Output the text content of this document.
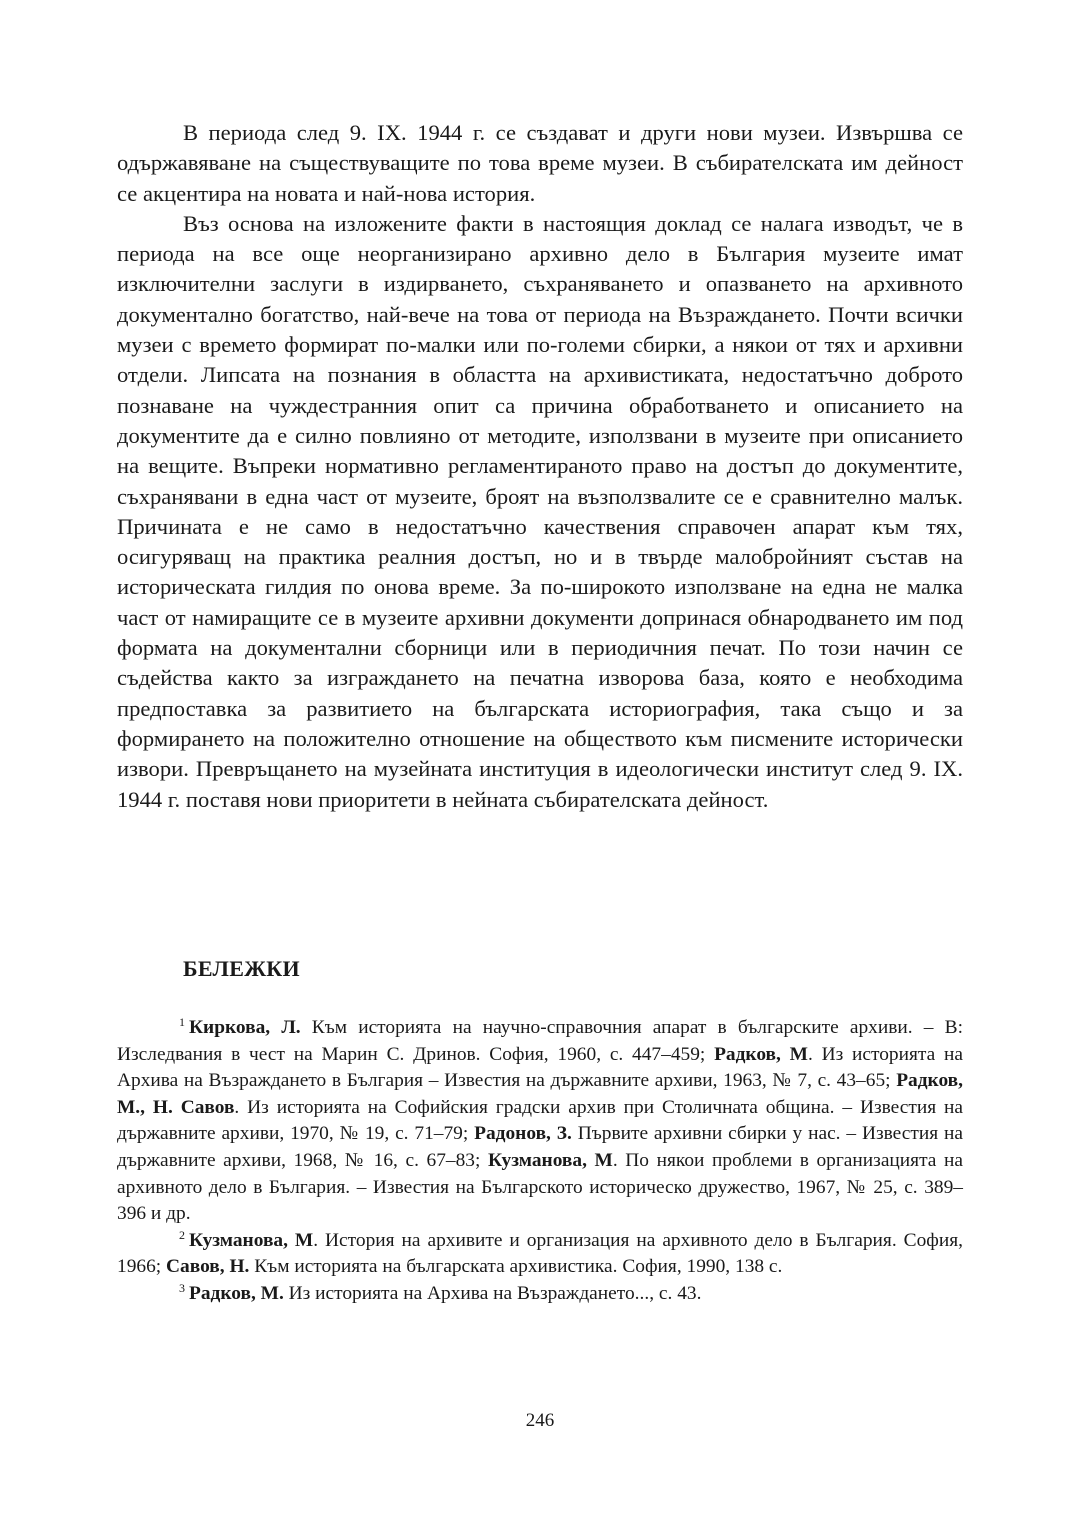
В периода след 9. IX. 1944 г. се създават и други нови музеи. Извършва се одържавяване на съществуващите по това време музеи. В събирателската им дейност се акцентира на новата и най-нова история.

Въз основа на изложените факти в настоящия доклад се налага изводът, че в периода на все още неорганизирано архивно дело в България музеите имат изключителни заслуги в издирването, съхраняването и опазването на архивното документално богатство, най-вече на това от периода на Възраждането. Почти всички музеи с времето формират по-малки или по-големи сбирки, а някои от тях и архивни отдели. Липсата на познания в областта на архивистиката, недостатъчно доброто познаване на чуждестранния опит са причина обработването и описанието на документите да е силно повлияно от методите, използвани в музеите при описанието на вещите. Въпреки нормативно регламентираното право на достъп до документите, съхранявани в една част от музеите, броят на възползвалите се е сравнително малък. Причината е не само в недостатъчно качествения справочен апарат към тях, осигуряващ на практика реалния достъп, но и в твърде малобройният състав на историческата гилдия по онова време. За по-широкото използване на една не малка част от намиращите се в музеите архивни документи допринася обнародването им под формата на документални сборници или в периодичния печат. По този начин се съдейства както за изграждането на печатна изворова база, която е необходима предпоставка за развитието на българската историография, така също и за формирането на положително отношение на обществото към писмените исторически извори. Превръщането на музейната институция в идеологически институт след 9. IX. 1944 г. поставя нови приоритети в нейната събирателската дейност.

БЕЛЕЖКИ

$^1$ Киркова, Л. Към историята на научно-справочния апарат в българските архиви. – В: Изследвания в чест на Марин С. Дринов. София, 1960, с. 447–459; Радков, М. Из историята на Архива на Възраждането в България – Известия на държавните архиви, 1963, № 7, с. 43–65; Радков, М., Н. Савов. Из историята на Софийския градски архив при Столичната община. – Известия на държавните архиви, 1970, № 19, с. 71–79; Радонов, З. Първите архивни сбирки у нас. – Известия на държавните архиви, 1968, № 16, с. 67–83; Кузманова, М. По някои проблеми в организацията на архивното дело в България. – Известия на Българското историческо дружество, 1967, № 25, с. 389–396 и др.

$^2$ Кузманова, М. История на архивите и организация на архивното дело в България. София, 1966; Савов, Н. Към историята на българската архивистика. София, 1990, 138 с.

$^3$ Радков, М. Из историята на Архива на Възраждането..., с. 43.

246
